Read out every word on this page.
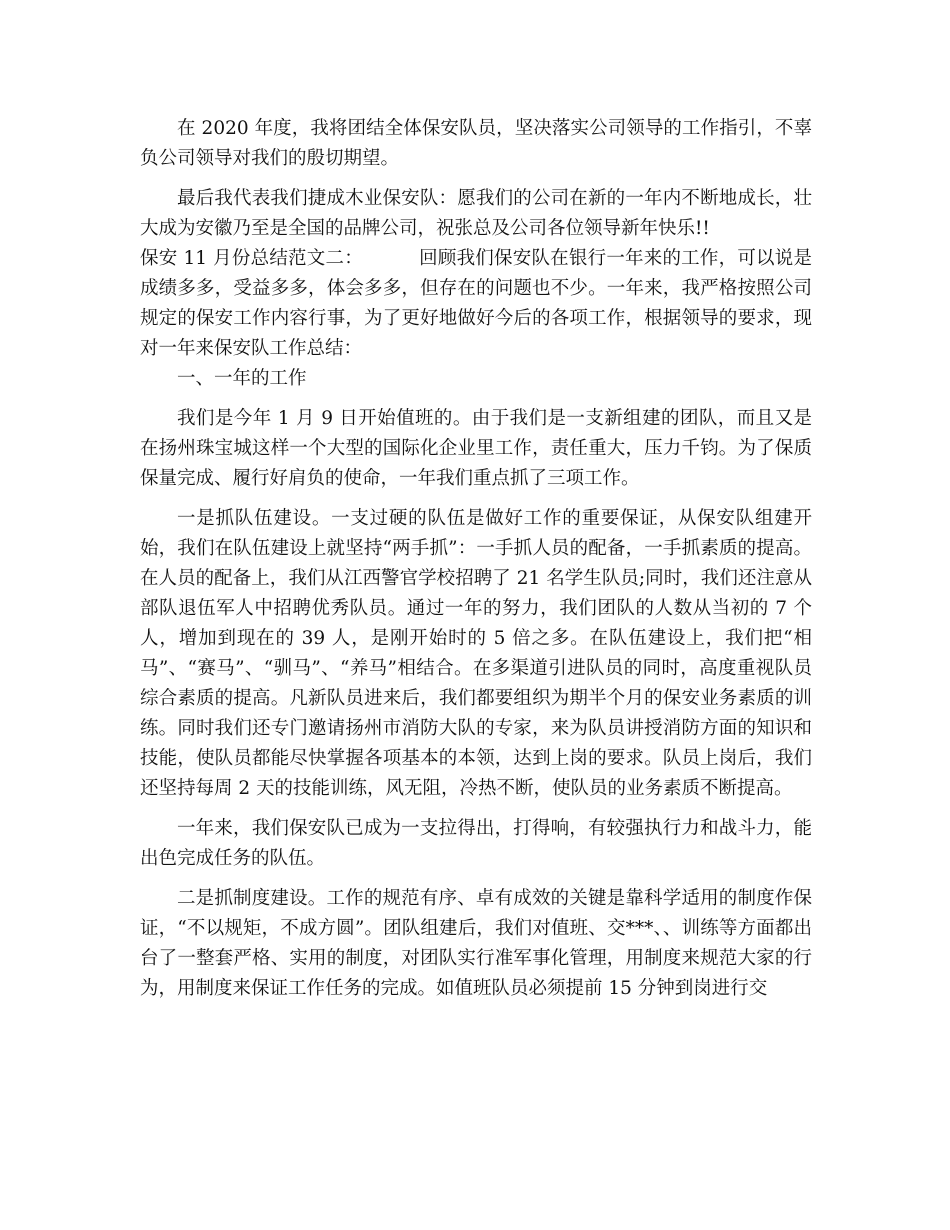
在 2020 年度，我将团结全体保安队员，坚决落实公司领导的工作指引，不辜负公司领导对我们的殷切期望。

最后我代表我们捷成木业保安队：愿我们的公司在新的一年内不断地成长，壮大成为安徽乃至是全国的品牌公司，祝张总及公司各位领导新年快乐!!

保安 11 月份总结范文二：	回顾我们保安队在银行一年来的工作，可以说是成绩多多，受益多多，体会多多，但存在的问题也不少。一年来，我严格按照公司规定的保安工作内容行事，为了更好地做好今后的各项工作，根据领导的要求，现对一年来保安队工作总结：

一、一年的工作

我们是今年 1 月 9 日开始值班的。由于我们是一支新组建的团队，而且又是在扬州珠宝城这样一个大型的国际化企业里工作，责任重大，压力千钧。为了保质保量完成、履行好肩负的使命，一年我们重点抓了三项工作。

一是抓队伍建设。一支过硬的队伍是做好工作的重要保证，从保安队组建开始，我们在队伍建设上就坚持“两手抓”：一手抓人员的配备，一手抓素质的提高。在人员的配备上，我们从江西警官学校招聘了 21 名学生队员;同时，我们还注意从部队退伍军人中招聘优秀队员。通过一年的努力，我们团队的人数从当初的 7 个人，增加到现在的 39 人，是刚开始时的 5 倍之多。在队伍建设上，我们把“相马”、“赛马”、“驯马”、“养马”相结合。在多渠道引进队员的同时，高度重视队员综合素质的提高。凡新队员进来后，我们都要组织为期半个月的保安业务素质的训练。同时我们还专门邀请扬州市消防大队的专家，来为队员讲授消防方面的知识和技能，使队员都能尽快掌握各项基本的本领，达到上岗的要求。队员上岗后，我们还坚持每周 2 天的技能训练，风无阻，冷热不断，使队员的业务素质不断提高。

一年来，我们保安队已成为一支拉得出，打得响，有较强执行力和战斗力，能出色完成任务的队伍。

二是抓制度建设。工作的规范有序、卓有成效的关键是靠科学适用的制度作保证，“不以规矩，不成方圆”。团队组建后，我们对值班、交***、、训练等方面都出台了一整套严格、实用的制度，对团队实行准军事化管理，用制度来规范大家的行为，用制度来保证工作任务的完成。如值班队员必须提前 15 分钟到岗进行交
